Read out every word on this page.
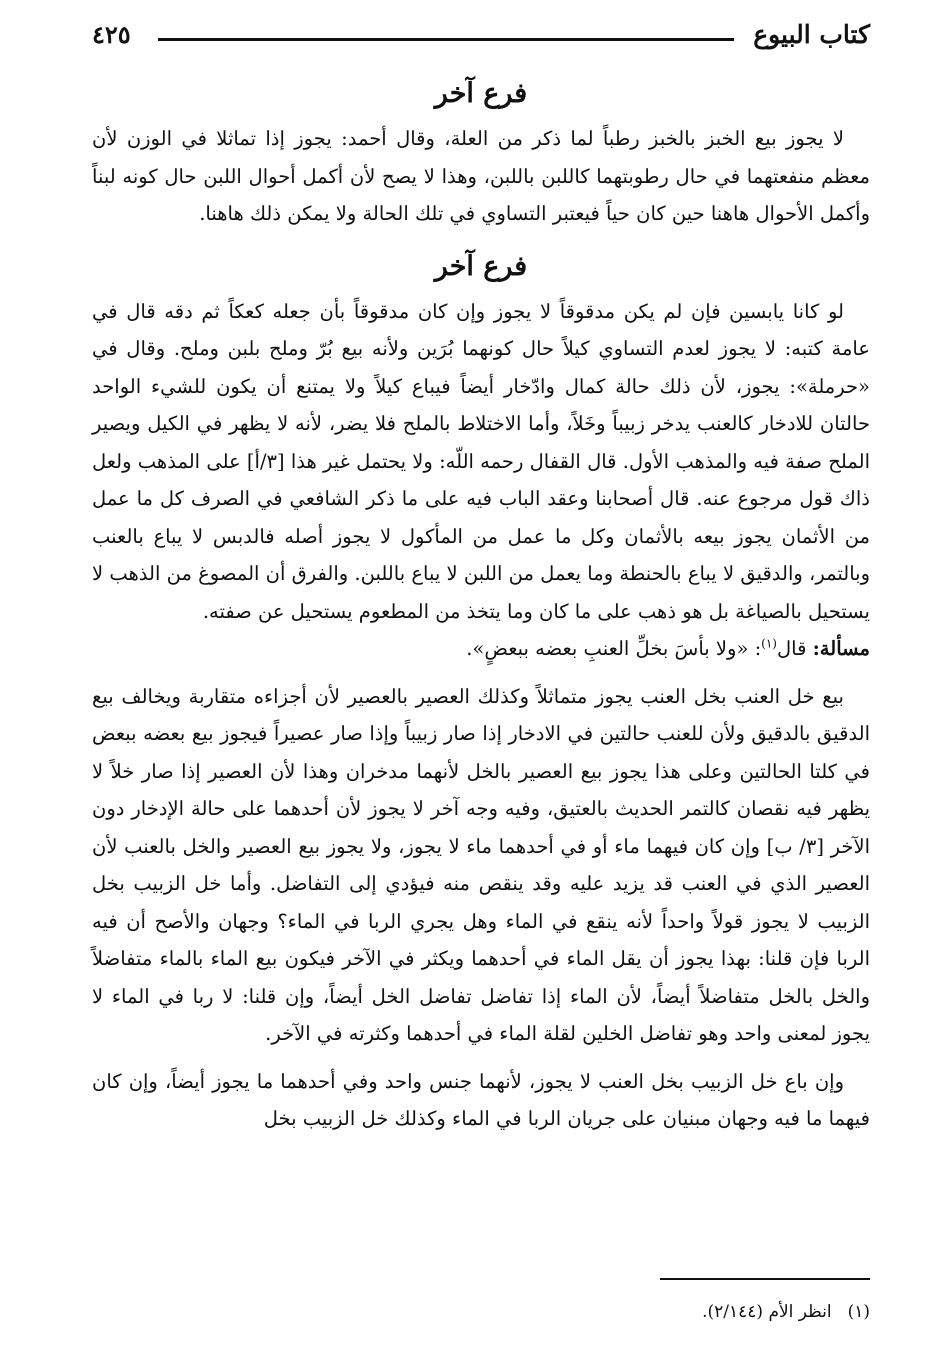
كتاب البيوع
٤٢٥
فرع آخر

لا يجوز بيع الخبز بالخبز رطباً لما ذكر من العلة، وقال أحمد: يجوز إذا تماثلا في الوزن لأن معظم منفعتهما في حال رطوبتهما كاللبن باللبن، وهذا لا يصح لأن أكمل أحوال اللبن حال كونه لبناً وأكمل الأحوال هاهنا حين كان حياً فيعتبر التساوي في تلك الحالة ولا يمكن ذلك هاهنا.

فرع آخر

لو كانا يابسين فإن لم يكن مدقوقاً لا يجوز وإن كان مدقوقاً بأن جعله كعكاً ثم دقه قال في عامة كتبه: لا يجوز لعدم التساوي كيلاً حال كونهما بُرَين ولأنه بيع بُرّ وملح بلبن وملح. وقال في «حرملة»: يجوز، لأن ذلك حالة كمال وادّخار أيضاً فيباع كيلاً ولا يمتنع أن يكون للشيء الواحد حالتان للادخار كالعنب يدخر زبيباً وخَلاً، وأما الاختلاط بالملح فلا يضر، لأنه لا يظهر في الكيل ويصير الملح صفة فيه والمذهب الأول. قال القفال رحمه اللّه: ولا يحتمل غير هذا [٣/أ] على المذهب ولعل ذاك قول مرجوع عنه. قال أصحابنا وعقد الباب فيه على ما ذكر الشافعي في الصرف كل ما عمل من الأثمان يجوز بيعه بالأثمان وكل ما عمل من المأكول لا يجوز أصله فالدبس لا يباع بالعنب وبالتمر، والدقيق لا يباع بالحنطة وما يعمل من اللبن لا يباع باللبن. والفرق أن المصوغ من الذهب لا يستحيل بالصياغة بل هو ذهب على ما كان وما يتخذ من المطعوم يستحيل عن صفته.

مسألة: قال$^{(١)}$: «ولا بأسَ بخلِّ العنبِ بعضه ببعضٍ».

بيع خل العنب بخل العنب يجوز متماثلاً وكذلك العصير بالعصير لأن أجزاءه متقاربة ويخالف بيع الدقيق بالدقيق ولأن للعنب حالتين في الادخار إذا صار زبيباً وإذا صار عصيراً فيجوز بيع بعضه ببعض في كلتا الحالتين وعلى هذا يجوز بيع العصير بالخل لأنهما مدخران وهذا لأن العصير إذا صار خلاً لا يظهر فيه نقصان كالتمر الحديث بالعتيق، وفيه وجه آخر لا يجوز لأن أحدهما على حالة الإدخار دون الآخر [٣/ ب] وإن كان فيهما ماء أو في أحدهما ماء لا يجوز، ولا يجوز بيع العصير والخل بالعنب لأن العصير الذي في العنب قد يزيد عليه وقد ينقص منه فيؤدي إلى التفاضل. وأما خل الزبيب بخل الزبيب لا يجوز قولاً واحداً لأنه ينقع في الماء وهل يجري الربا في الماء؟ وجهان والأصح أن فيه الربا فإن قلنا: بهذا يجوز أن يقل الماء في أحدهما ويكثر في الآخر فيكون بيع الماء بالماء متفاضلاً والخل بالخل متفاضلاً أيضاً، لأن الماء إذا تفاضل تفاضل الخل أيضاً، وإن قلنا: لا ربا في الماء لا يجوز لمعنى واحد وهو تفاضل الخلين لقلة الماء في أحدهما وكثرته في الآخر.

وإن باع خل الزبيب بخل العنب لا يجوز، لأنهما جنس واحد وفي أحدهما ما يجوز أيضاً، وإن كان فيهما ما فيه وجهان مبنيان على جريان الربا في الماء وكذلك خل الزبيب بخل

(١)انظر الأم (٢/١٤٤).
